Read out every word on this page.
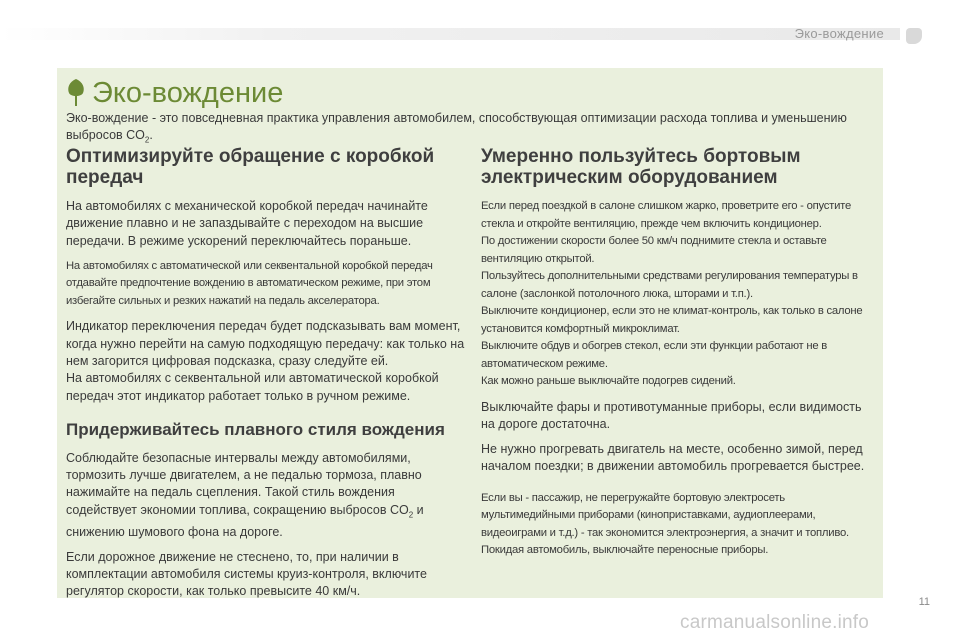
Эко-вождение
Эко-вождение
Эко-вождение - это повседневная практика управления автомобилем, способствующая оптимизации расхода топлива и уменьшению выбросов $CO_2$.
Оптимизируйте обращение с коробкой передач

На автомобилях с механической коробкой передач начинайте движение плавно и не запаздывайте с переходом на высшие передачи. В режиме ускорений переключайтесь пораньше.

На автомобилях с автоматической или секвентальной коробкой передач отдавайте предпочтение вождению в автоматическом режиме, при этом избегайте сильных и резких нажатий на педаль акселератора.

Индикатор переключения передач будет подсказывать вам момент, когда нужно перейти на самую подходящую передачу: как только на нем загорится цифровая подсказка, сразу следуйте ей.

На автомобилях с секвентальной или автоматической коробкой передач этот индикатор работает только в ручном режиме.

Придерживайтесь плавного стиля вождения

Соблюдайте безопасные интервалы между автомобилями, тормозить лучше двигателем, а не педалью тормоза, плавно нажимайте на педаль сцепления. Такой стиль вождения содействует экономии топлива, сокращению выбросов $CO_2$ и снижению шумового фона на дороге.

Если дорожное движение не стеснено, то, при наличии в комплектации автомобиля системы круиз-контроля, включите регулятор скорости, как только превысите 40 км/ч.

Умеренно пользуйтесь бортовым электрическим оборудованием

Если перед поездкой в салоне слишком жарко, проветрите его - опустите стекла и откройте вентиляцию, прежде чем включить кондиционер.

По достижении скорости более 50 км/ч поднимите стекла и оставьте вентиляцию открытой.

Пользуйтесь дополнительными средствами регулирования температуры в салоне (заслонкой потолочного люка, шторами и т.п.).

Выключите кондиционер, если это не климат-контроль, как только в салоне установится комфортный микроклимат.

Выключите обдув и обогрев стекол, если эти функции работают не в автоматическом режиме.

Как можно раньше выключайте подогрев сидений.

Выключайте фары и противотуманные приборы, если видимость на дороге достаточна.

Не нужно прогревать двигатель на месте, особенно зимой, перед началом поездки; в движении автомобиль прогревается быстрее.

Если вы - пассажир, не перегружайте бортовую электросеть мультимедийными приборами (киноприставками, аудиоплеерами, видеоигрaми и т.д.) - так экономится электроэнергия, а значит и топливо. Покидая автомобиль, выключайте переносные приборы.

11
carmanualsonline.info
